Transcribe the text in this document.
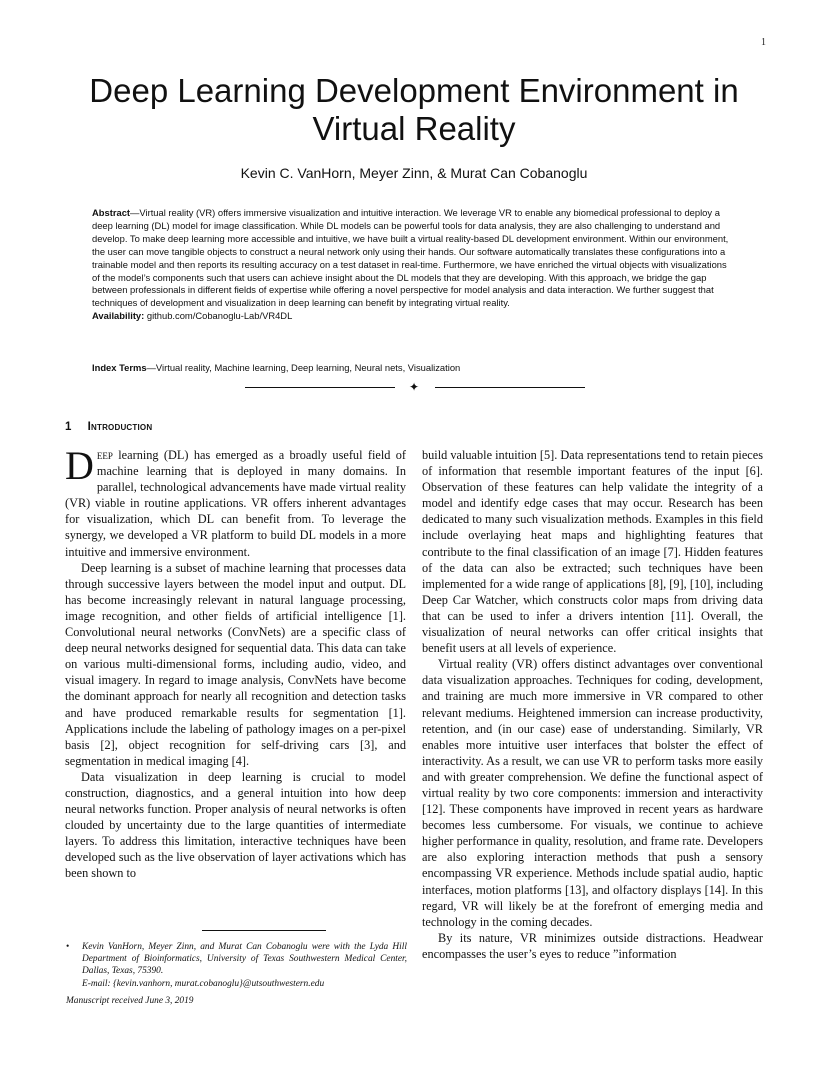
1
Deep Learning Development Environment in Virtual Reality
Kevin C. VanHorn, Meyer Zinn, & Murat Can Cobanoglu
Abstract—Virtual reality (VR) offers immersive visualization and intuitive interaction. We leverage VR to enable any biomedical professional to deploy a deep learning (DL) model for image classification. While DL models can be powerful tools for data analysis, they are also challenging to understand and develop. To make deep learning more accessible and intuitive, we have built a virtual reality-based DL development environment. Within our environment, the user can move tangible objects to construct a neural network only using their hands. Our software automatically translates these configurations into a trainable model and then reports its resulting accuracy on a test dataset in real-time. Furthermore, we have enriched the virtual objects with visualizations of the model’s components such that users can achieve insight about the DL models that they are developing. With this approach, we bridge the gap between professionals in different fields of expertise while offering a novel perspective for model analysis and data interaction. We further suggest that techniques of development and visualization in deep learning can benefit by integrating virtual reality.
Availability: github.com/Cobanoglu-Lab/VR4DL
Index Terms—Virtual reality, Machine learning, Deep learning, Neural nets, Visualization
✦
1 Introduction

Deep learning (DL) has emerged as a broadly useful field of machine learning that is deployed in many domains. In parallel, technological advancements have made virtual reality (VR) viable in routine applications. VR offers inherent advantages for visualization, which DL can benefit from. To leverage the synergy, we developed a VR platform to build DL models in a more intuitive and immersive environment.

Deep learning is a subset of machine learning that processes data through successive layers between the model input and output. DL has become increasingly relevant in natural language processing, image recognition, and other fields of artificial intelligence [1]. Convolutional neural networks (ConvNets) are a specific class of deep neural networks designed for sequential data. This data can take on various multi-dimensional forms, including audio, video, and visual imagery. In regard to image analysis, ConvNets have become the dominant approach for nearly all recognition and detection tasks and have produced remarkable results for segmentation [1]. Applications include the labeling of pathology images on a per-pixel basis [2], object recognition for self-driving cars [3], and segmentation in medical imaging [4].

Data visualization in deep learning is crucial to model construction, diagnostics, and a general intuition into how deep neural networks function. Proper analysis of neural networks is often clouded by uncertainty due to the large quantities of intermediate layers. To address this limitation, interactive techniques have been developed such as the live observation of layer activations which has been shown to

build valuable intuition [5]. Data representations tend to retain pieces of information that resemble important features of the input [6]. Observation of these features can help validate the integrity of a model and identify edge cases that may occur. Research has been dedicated to many such visualization methods. Examples in this field include overlaying heat maps and highlighting features that contribute to the final classification of an image [7]. Hidden features of the data can also be extracted; such techniques have been implemented for a wide range of applications [8], [9], [10], including Deep Car Watcher, which constructs color maps from driving data that can be used to infer a drivers intention [11]. Overall, the visualization of neural networks can offer critical insights that benefit users at all levels of experience.

Virtual reality (VR) offers distinct advantages over conventional data visualization approaches. Techniques for coding, development, and training are much more immersive in VR compared to other relevant mediums. Heightened immersion can increase productivity, retention, and (in our case) ease of understanding. Similarly, VR enables more intuitive user interfaces that bolster the effect of interactivity. As a result, we can use VR to perform tasks more easily and with greater comprehension. We define the functional aspect of virtual reality by two core components: immersion and interactivity [12]. These components have improved in recent years as hardware becomes less cumbersome. For visuals, we continue to achieve higher performance in quality, resolution, and frame rate. Developers are also exploring interaction methods that push a sensory encompassing VR experience. Methods include spatial audio, haptic interfaces, motion platforms [13], and olfactory displays [14]. In this regard, VR will likely be at the forefront of emerging media and technology in the coming decades.

By its nature, VR minimizes outside distractions. Headwear encompasses the user’s eyes to reduce ”information

• Kevin VanHorn, Meyer Zinn, and Murat Can Cobanoglu were with the Lyda Hill Department of Bioinformatics, University of Texas Southwestern Medical Center, Dallas, Texas, 75390.
E-mail: {kevin.vanhorn, murat.cobanoglu}@utsouthwestern.edu
Manuscript received June 3, 2019
